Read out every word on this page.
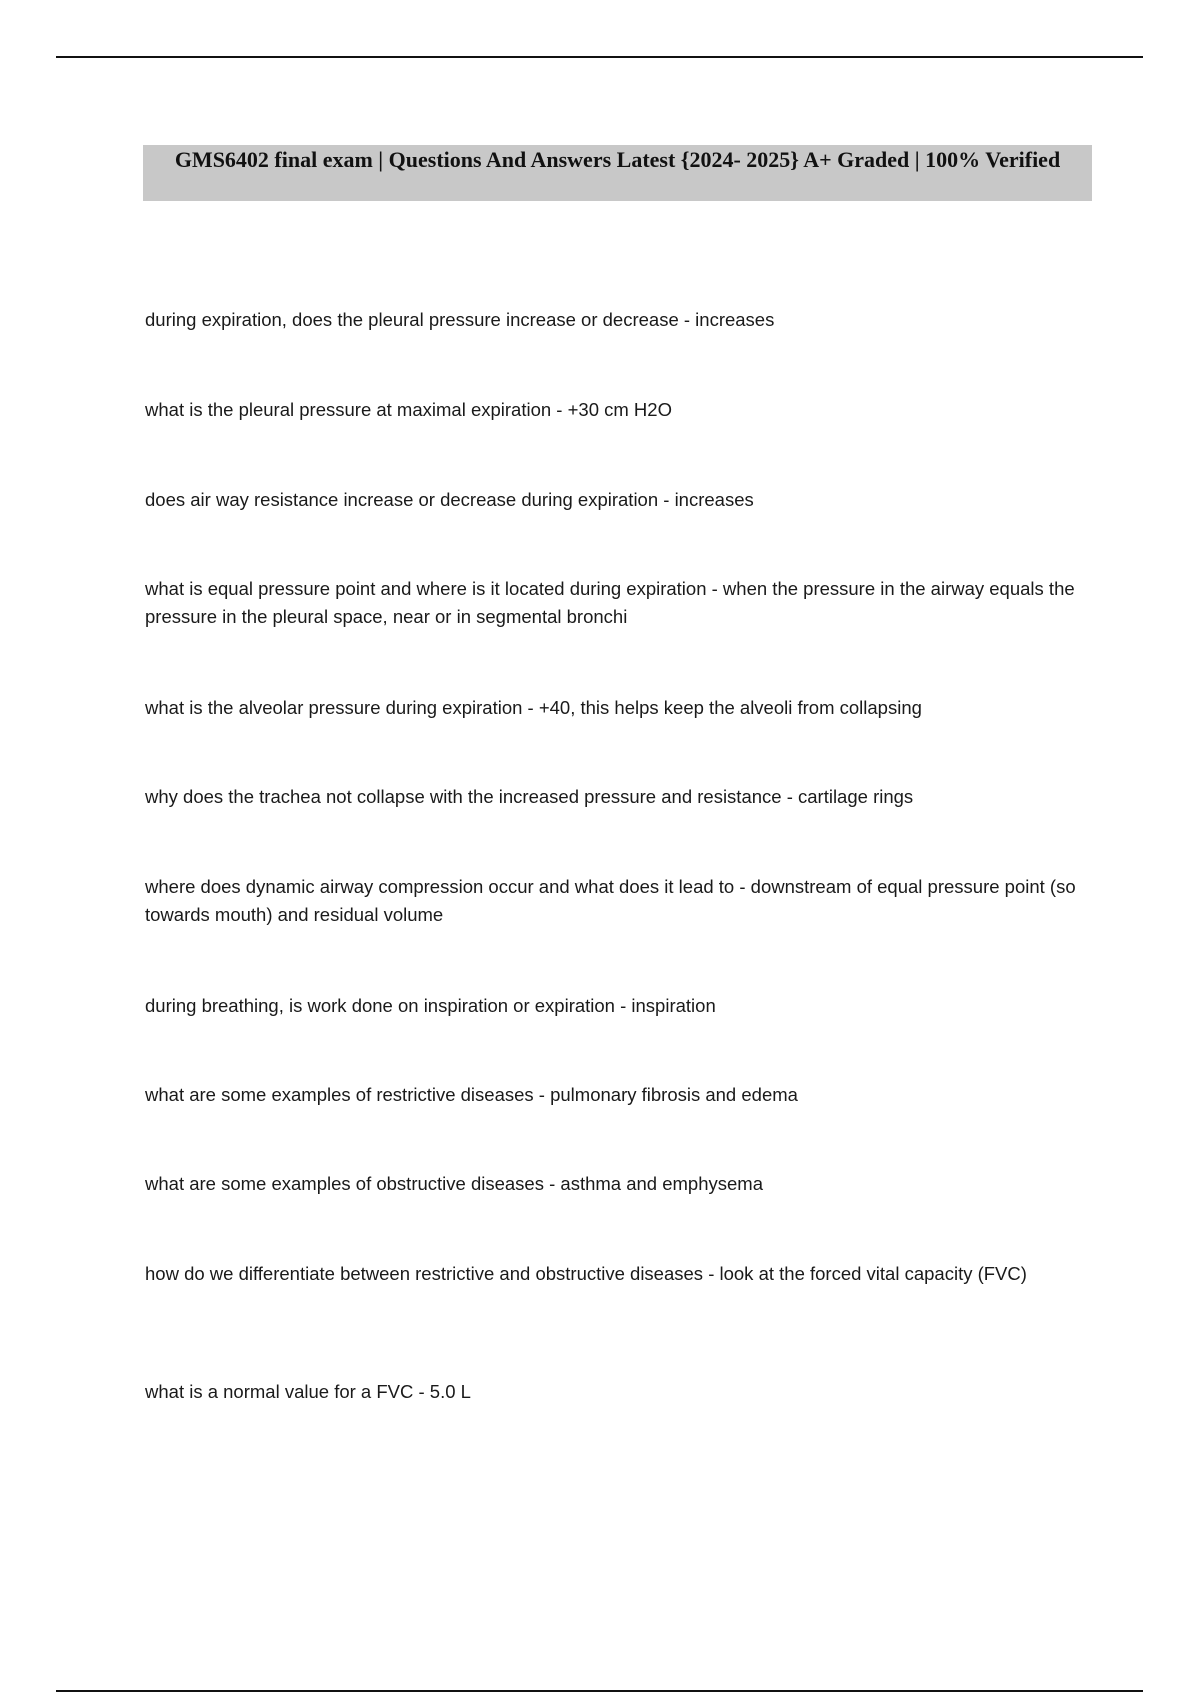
GMS6402 final exam | Questions And Answers Latest {2024- 2025} A+ Graded | 100% Verified

during expiration, does the pleural pressure increase or decrease - increases

what is the pleural pressure at maximal expiration - +30 cm H2O

does air way resistance increase or decrease during expiration - increases

what is equal pressure point and where is it located during expiration - when the pressure in the airway equals the pressure in the pleural space, near or in segmental bronchi

what is the alveolar pressure during expiration - +40, this helps keep the alveoli from collapsing

why does the trachea not collapse with the increased pressure and resistance - cartilage rings

where does dynamic airway compression occur and what does it lead to - downstream of equal pressure point (so towards mouth) and residual volume

during breathing, is work done on inspiration or expiration - inspiration

what are some examples of restrictive diseases - pulmonary fibrosis and edema

what are some examples of obstructive diseases - asthma and emphysema

how do we differentiate between restrictive and obstructive diseases - look at the forced vital capacity (FVC)

what is a normal value for a FVC - 5.0 L
